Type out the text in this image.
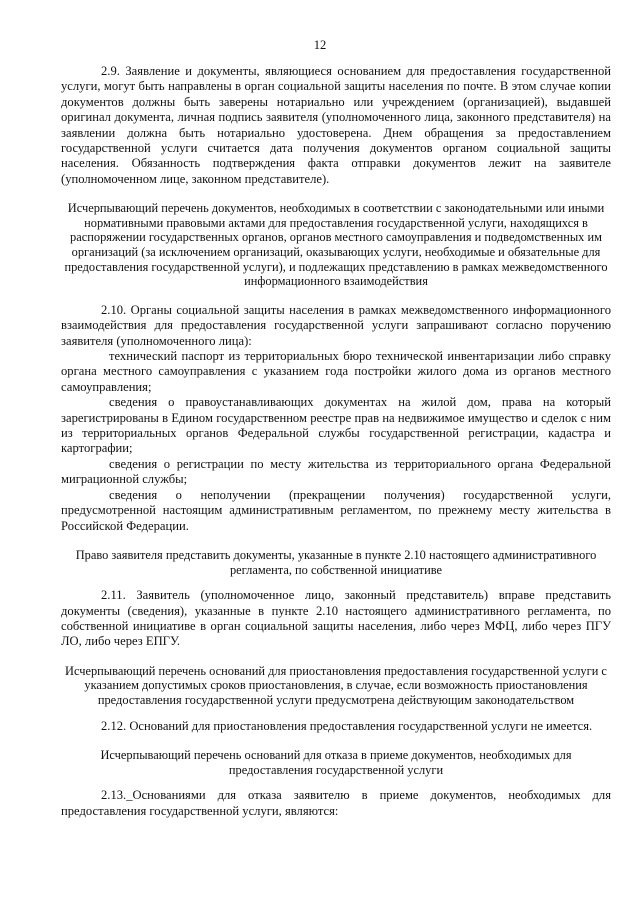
12

2.9. Заявление и документы, являющиеся основанием для предоставления государственной услуги, могут быть направлены в орган социальной защиты населения по почте. В этом случае копии документов должны быть заверены нотариально или учреждением (организацией), выдавшей оригинал документа, личная подпись заявителя (уполномоченного лица, законного представителя) на заявлении должна быть нотариально удостоверена. Днем обращения за предоставлением государственной услуги считается дата получения документов органом социальной защиты населения. Обязанность подтверждения факта отправки документов лежит на заявителе (уполномоченном лице, законном представителе).

Исчерпывающий перечень документов, необходимых в соответствии с законодательными или иными нормативными правовыми актами для предоставления государственной услуги, находящихся в распоряжении государственных органов, органов местного самоуправления и подведомственных им организаций (за исключением организаций, оказывающих услуги, необходимые и обязательные для предоставления государственной услуги), и подлежащих представлению в рамках межведомственного информационного взаимодействия

2.10. Органы социальной защиты населения в рамках межведомственного информационного взаимодействия для предоставления государственной услуги запрашивают согласно поручению заявителя (уполномоченного лица):

технический паспорт из территориальных бюро технической инвентаризации либо справку органа местного самоуправления с указанием года постройки жилого дома из органов местного самоуправления;

сведения о правоустанавливающих документах на жилой дом, права на который зарегистрированы в Едином государственном реестре прав на недвижимое имущество и сделок с ним из территориальных органов Федеральной службы государственной регистрации, кадастра и картографии;

сведения о регистрации по месту жительства из территориального органа Федеральной миграционной службы;

сведения о неполучении (прекращении получения) государственной услуги, предусмотренной настоящим административным регламентом, по прежнему месту жительства в Российской Федерации.

Право заявителя представить документы, указанные в пункте 2.10 настоящего административного регламента, по собственной инициативе

2.11. Заявитель (уполномоченное лицо, законный представитель) вправе представить документы (сведения), указанные в пункте 2.10 настоящего административного регламента, по собственной инициативе в орган социальной защиты населения, либо через МФЦ, либо через ПГУ ЛО, либо через ЕПГУ.

Исчерпывающий перечень оснований для приостановления предоставления государственной услуги с указанием допустимых сроков приостановления, в случае, если возможность приостановления предоставления государственной услуги предусмотрена действующим законодательством

2.12. Оснований для приостановления предоставления государственной услуги не имеется.

Исчерпывающий перечень оснований для отказа в приеме документов, необходимых для предоставления государственной услуги

2.13._Основаниями для отказа заявителю в приеме документов, необходимых для предоставления государственной услуги, являются:
